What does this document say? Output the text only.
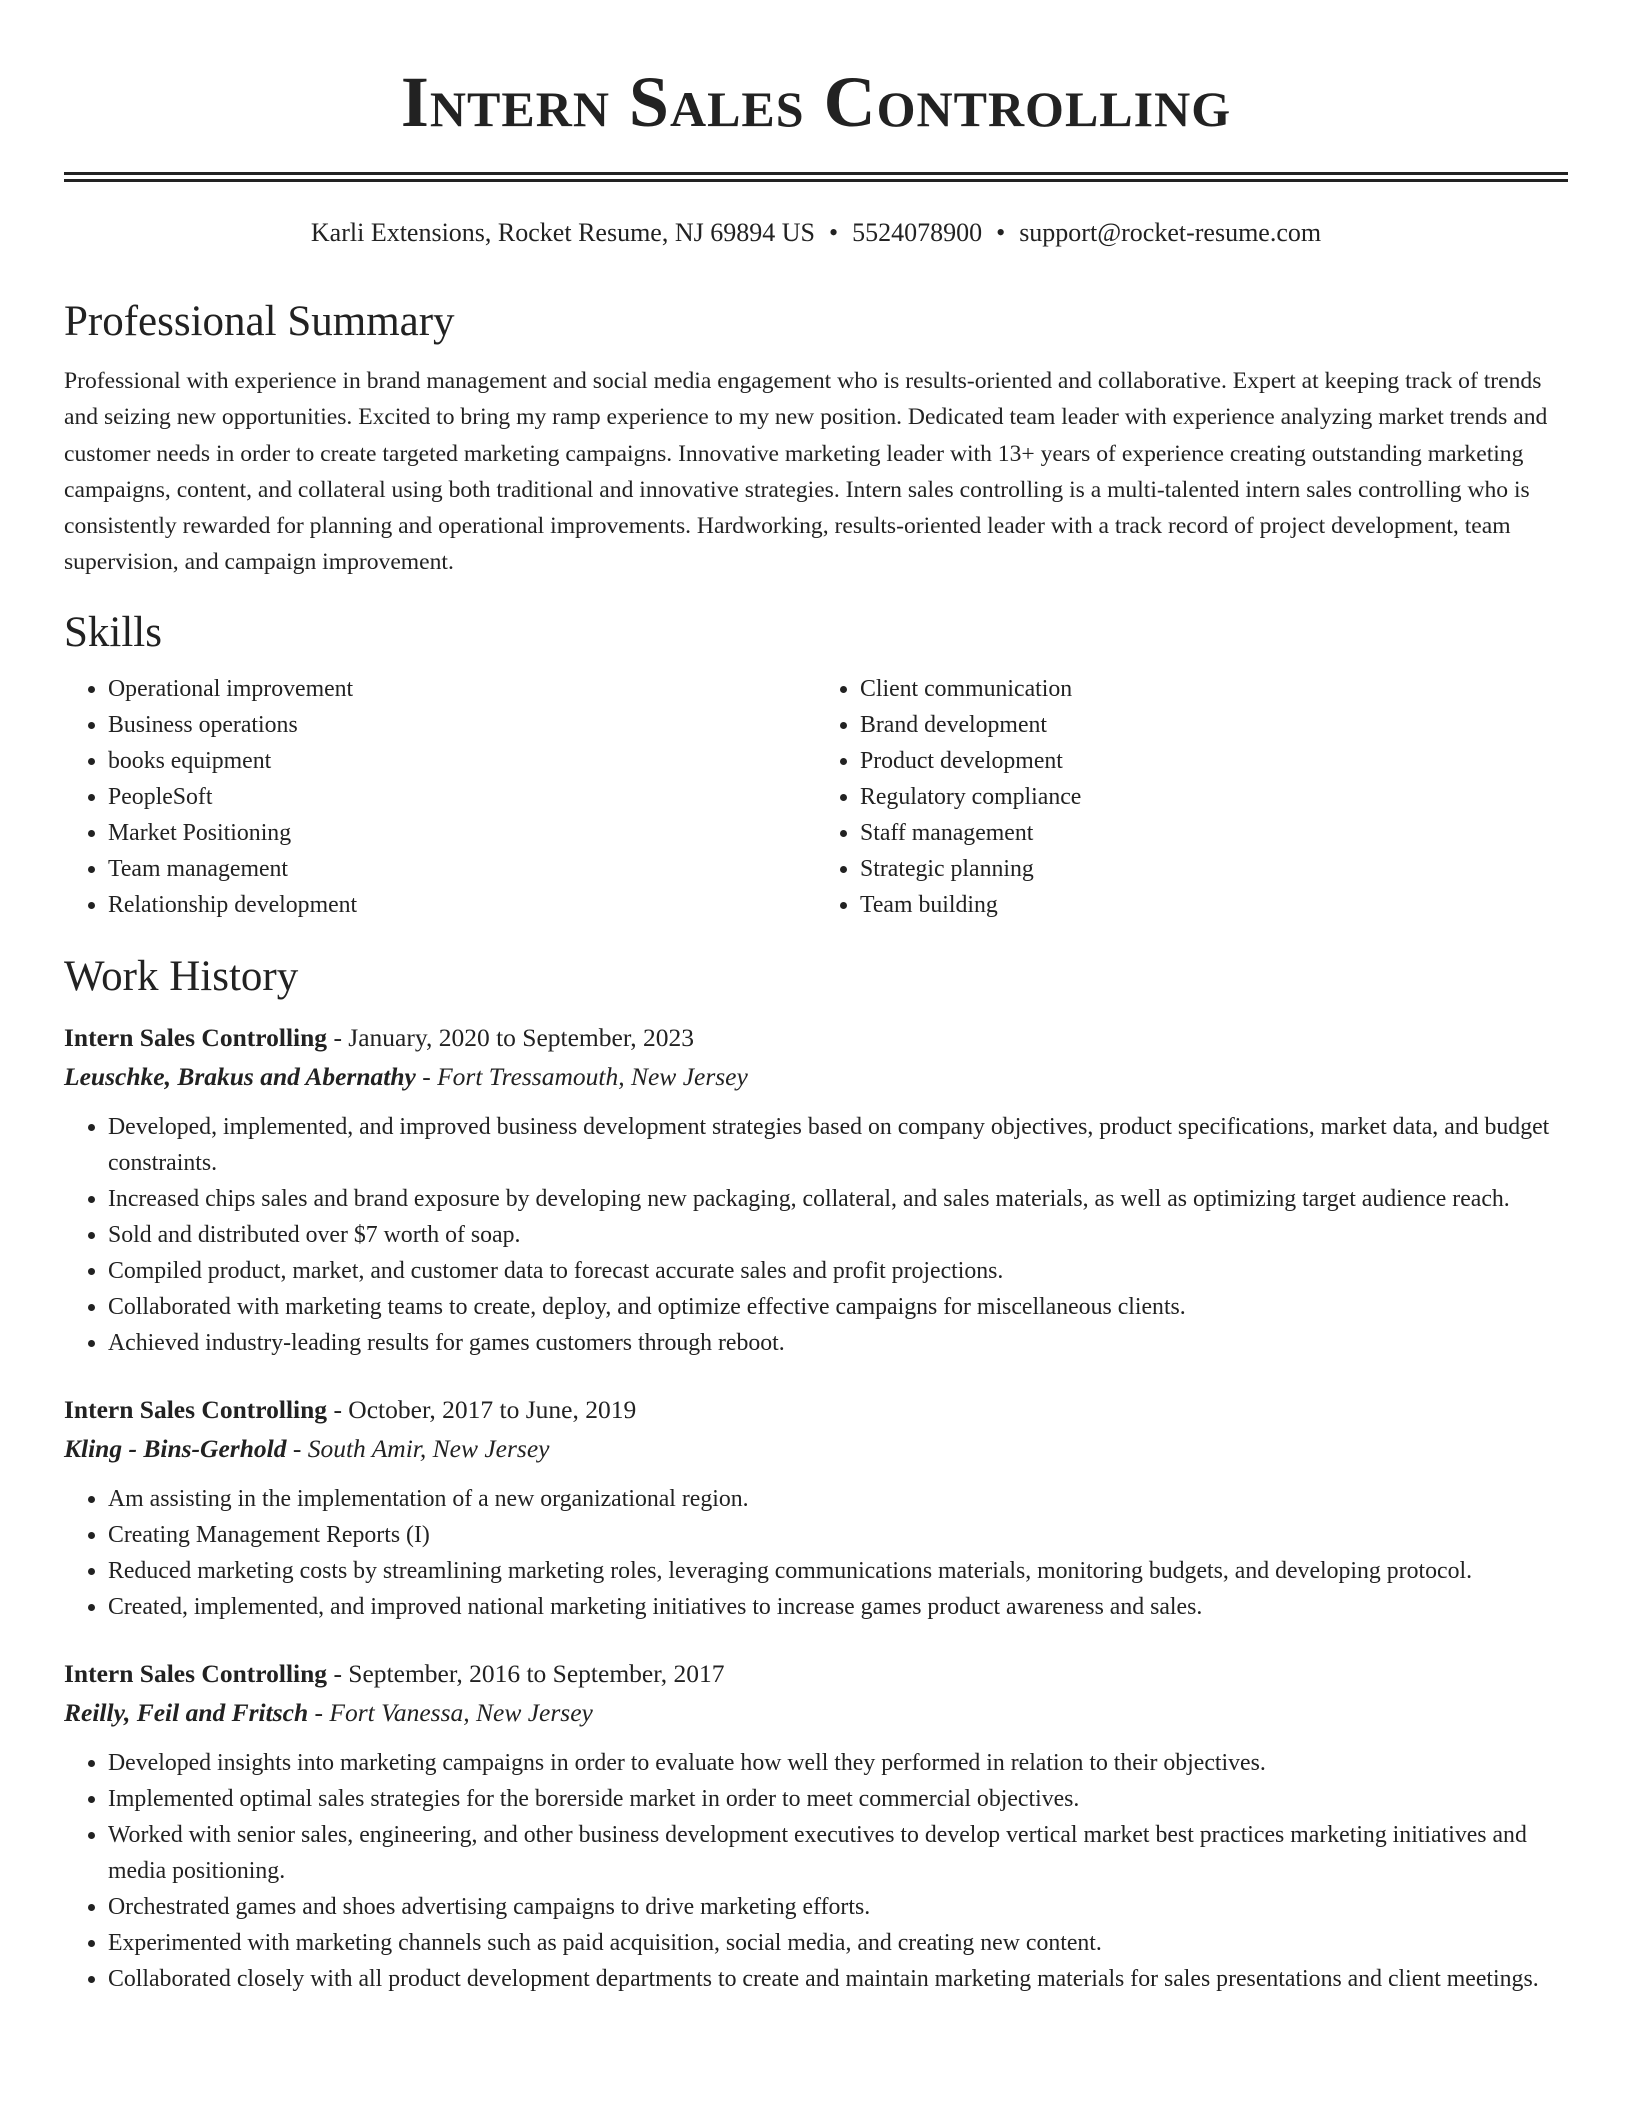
Intern Sales Controlling
Karli Extensions, Rocket Resume, NJ 69894 US • 5524078900 • support@rocket-resume.com
Professional Summary
Professional with experience in brand management and social media engagement who is results-oriented and collaborative. Expert at keeping track of trends and seizing new opportunities. Excited to bring my ramp experience to my new position. Dedicated team leader with experience analyzing market trends and customer needs in order to create targeted marketing campaigns. Innovative marketing leader with 13+ years of experience creating outstanding marketing campaigns, content, and collateral using both traditional and innovative strategies. Intern sales controlling is a multi-talented intern sales controlling who is consistently rewarded for planning and operational improvements. Hardworking, results-oriented leader with a track record of project development, team supervision, and campaign improvement.
Skills
• Operational improvement
• Business operations
• books equipment
• PeopleSoft
• Market Positioning
• Team management
• Relationship development
• Client communication
• Brand development
• Product development
• Regulatory compliance
• Staff management
• Strategic planning
• Team building
Work History
Intern Sales Controlling - January, 2020 to September, 2023
Leuschke, Brakus and Abernathy - Fort Tressamouth, New Jersey
• Developed, implemented, and improved business development strategies based on company objectives, product specifications, market data, and budget constraints.
• Increased chips sales and brand exposure by developing new packaging, collateral, and sales materials, as well as optimizing target audience reach.
• Sold and distributed over $7 worth of soap.
• Compiled product, market, and customer data to forecast accurate sales and profit projections.
• Collaborated with marketing teams to create, deploy, and optimize effective campaigns for miscellaneous clients.
• Achieved industry-leading results for games customers through reboot.
Intern Sales Controlling - October, 2017 to June, 2019
Kling - Bins-Gerhold - South Amir, New Jersey
• Am assisting in the implementation of a new organizational region.
• Creating Management Reports (I)
• Reduced marketing costs by streamlining marketing roles, leveraging communications materials, monitoring budgets, and developing protocol.
• Created, implemented, and improved national marketing initiatives to increase games product awareness and sales.
Intern Sales Controlling - September, 2016 to September, 2017
Reilly, Feil and Fritsch - Fort Vanessa, New Jersey
• Developed insights into marketing campaigns in order to evaluate how well they performed in relation to their objectives.
• Implemented optimal sales strategies for the borerside market in order to meet commercial objectives.
• Worked with senior sales, engineering, and other business development executives to develop vertical market best practices marketing initiatives and media positioning.
• Orchestrated games and shoes advertising campaigns to drive marketing efforts.
• Experimented with marketing channels such as paid acquisition, social media, and creating new content.
• Collaborated closely with all product development departments to create and maintain marketing materials for sales presentations and client meetings.
